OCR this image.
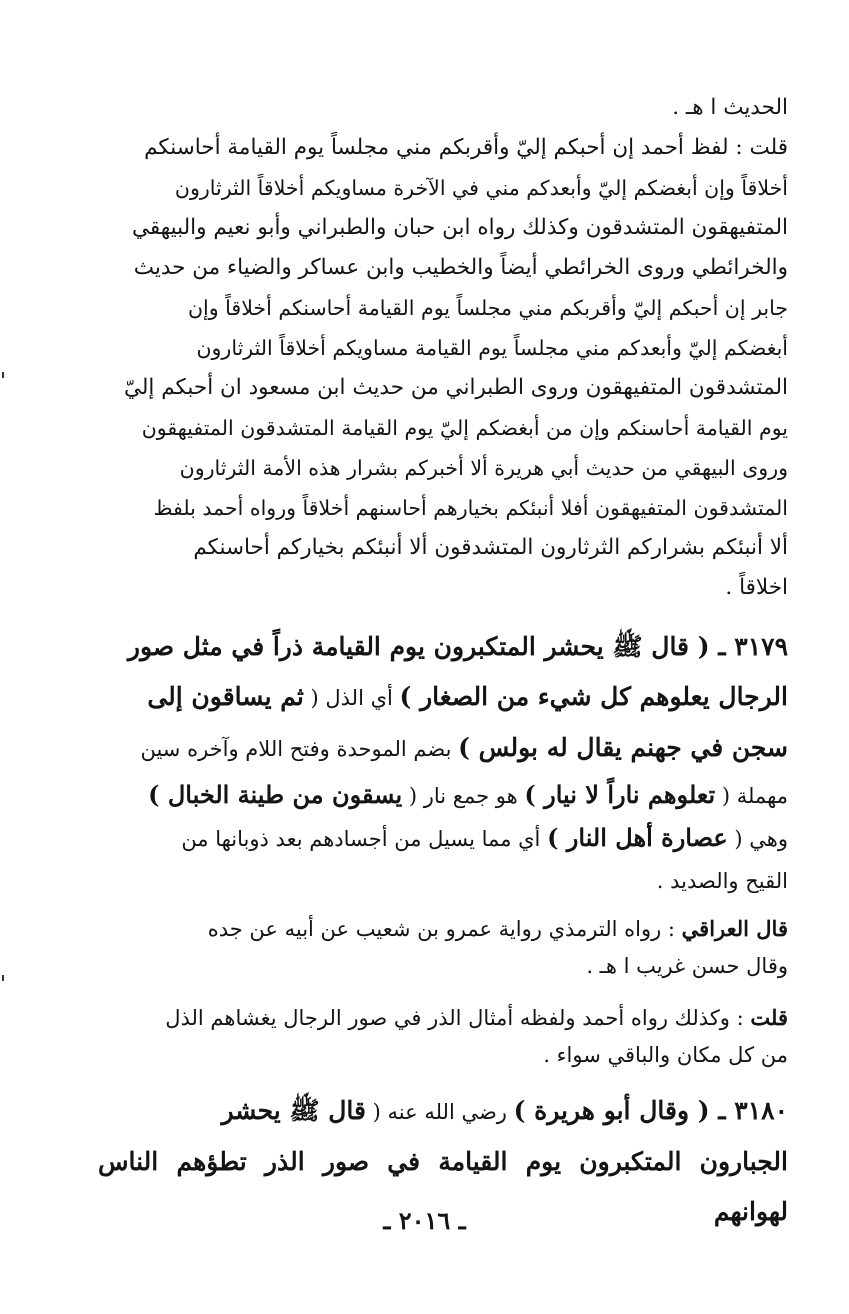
الحديث ا هـ .
قلت : لفظ أحمد إن أحبكم إليّ وأقربكم مني مجلساً يوم القيامة أحاسنكم
أخلاقاً وإن أبغضكم إليّ وأبعدكم مني في الآخرة مساويكم أخلاقاً الثرثارون
المتفيهقون المتشدقون وكذلك رواه ابن حبان والطبراني وأبو نعيم والبيهقي
والخرائطي وروى الخرائطي أيضاً والخطيب وابن عساكر والضياء من حديث
جابر إن أحبكم إليّ وأقربكم مني مجلساً يوم القيامة أحاسنكم أخلاقاً وإن
أبغضكم إليّ وأبعدكم مني مجلساً يوم القيامة مساويكم أخلاقاً الثرثارون
المتشدقون المتفيهقون وروى الطبراني من حديث ابن مسعود ان أحبكم إليّ
يوم القيامة أحاسنكم وإن من أبغضكم إليّ يوم القيامة المتشدقون المتفيهقون
وروى البيهقي من حديث أبي هريرة ألا أخبركم بشرار هذه الأمة الثرثارون
المتشدقون المتفيهقون أفلا أنبئكم بخيارهم أحاسنهم أخلاقاً ورواه أحمد بلفظ
ألا أنبئكم بشراركم الثرثارون المتشدقون ألا أنبئكم بخياركم أحاسنكم
اخلاقاً .
٣١٧٩ ـ ( قال ﷺ يحشر المتكبرون يوم القيامة ذراً في مثل صور
الرجال يعلوهم كل شيء من الصغار ) أي الذل ( ثم يساقون إلى
سجن في جهنم يقال له بولس ) بضم الموحدة وفتح اللام وآخره سين
مهملة ( تعلوهم ناراً لا نيار ) هو جمع نار ( يسقون من طينة الخبال )
وهي ( عصارة أهل النار ) أي مما يسيل من أجسادهم بعد ذوبانها من
القيح والصديد .
قال العراقي : رواه الترمذي رواية عمرو بن شعيب عن أبيه عن جده
وقال حسن غريب ا هـ .
قلت : وكذلك رواه أحمد ولفظه أمثال الذر في صور الرجال يغشاهم الذل
من كل مكان والباقي سواء .
٣١٨٠ ـ ( وقال أبو هريرة ) رضي الله عنه ( قال ﷺ يحشر
الجبارون المتكبرون يوم القيامة في صور الذر تطؤهم الناس لهوانهم
ـ ٢٠١٦ ـ
